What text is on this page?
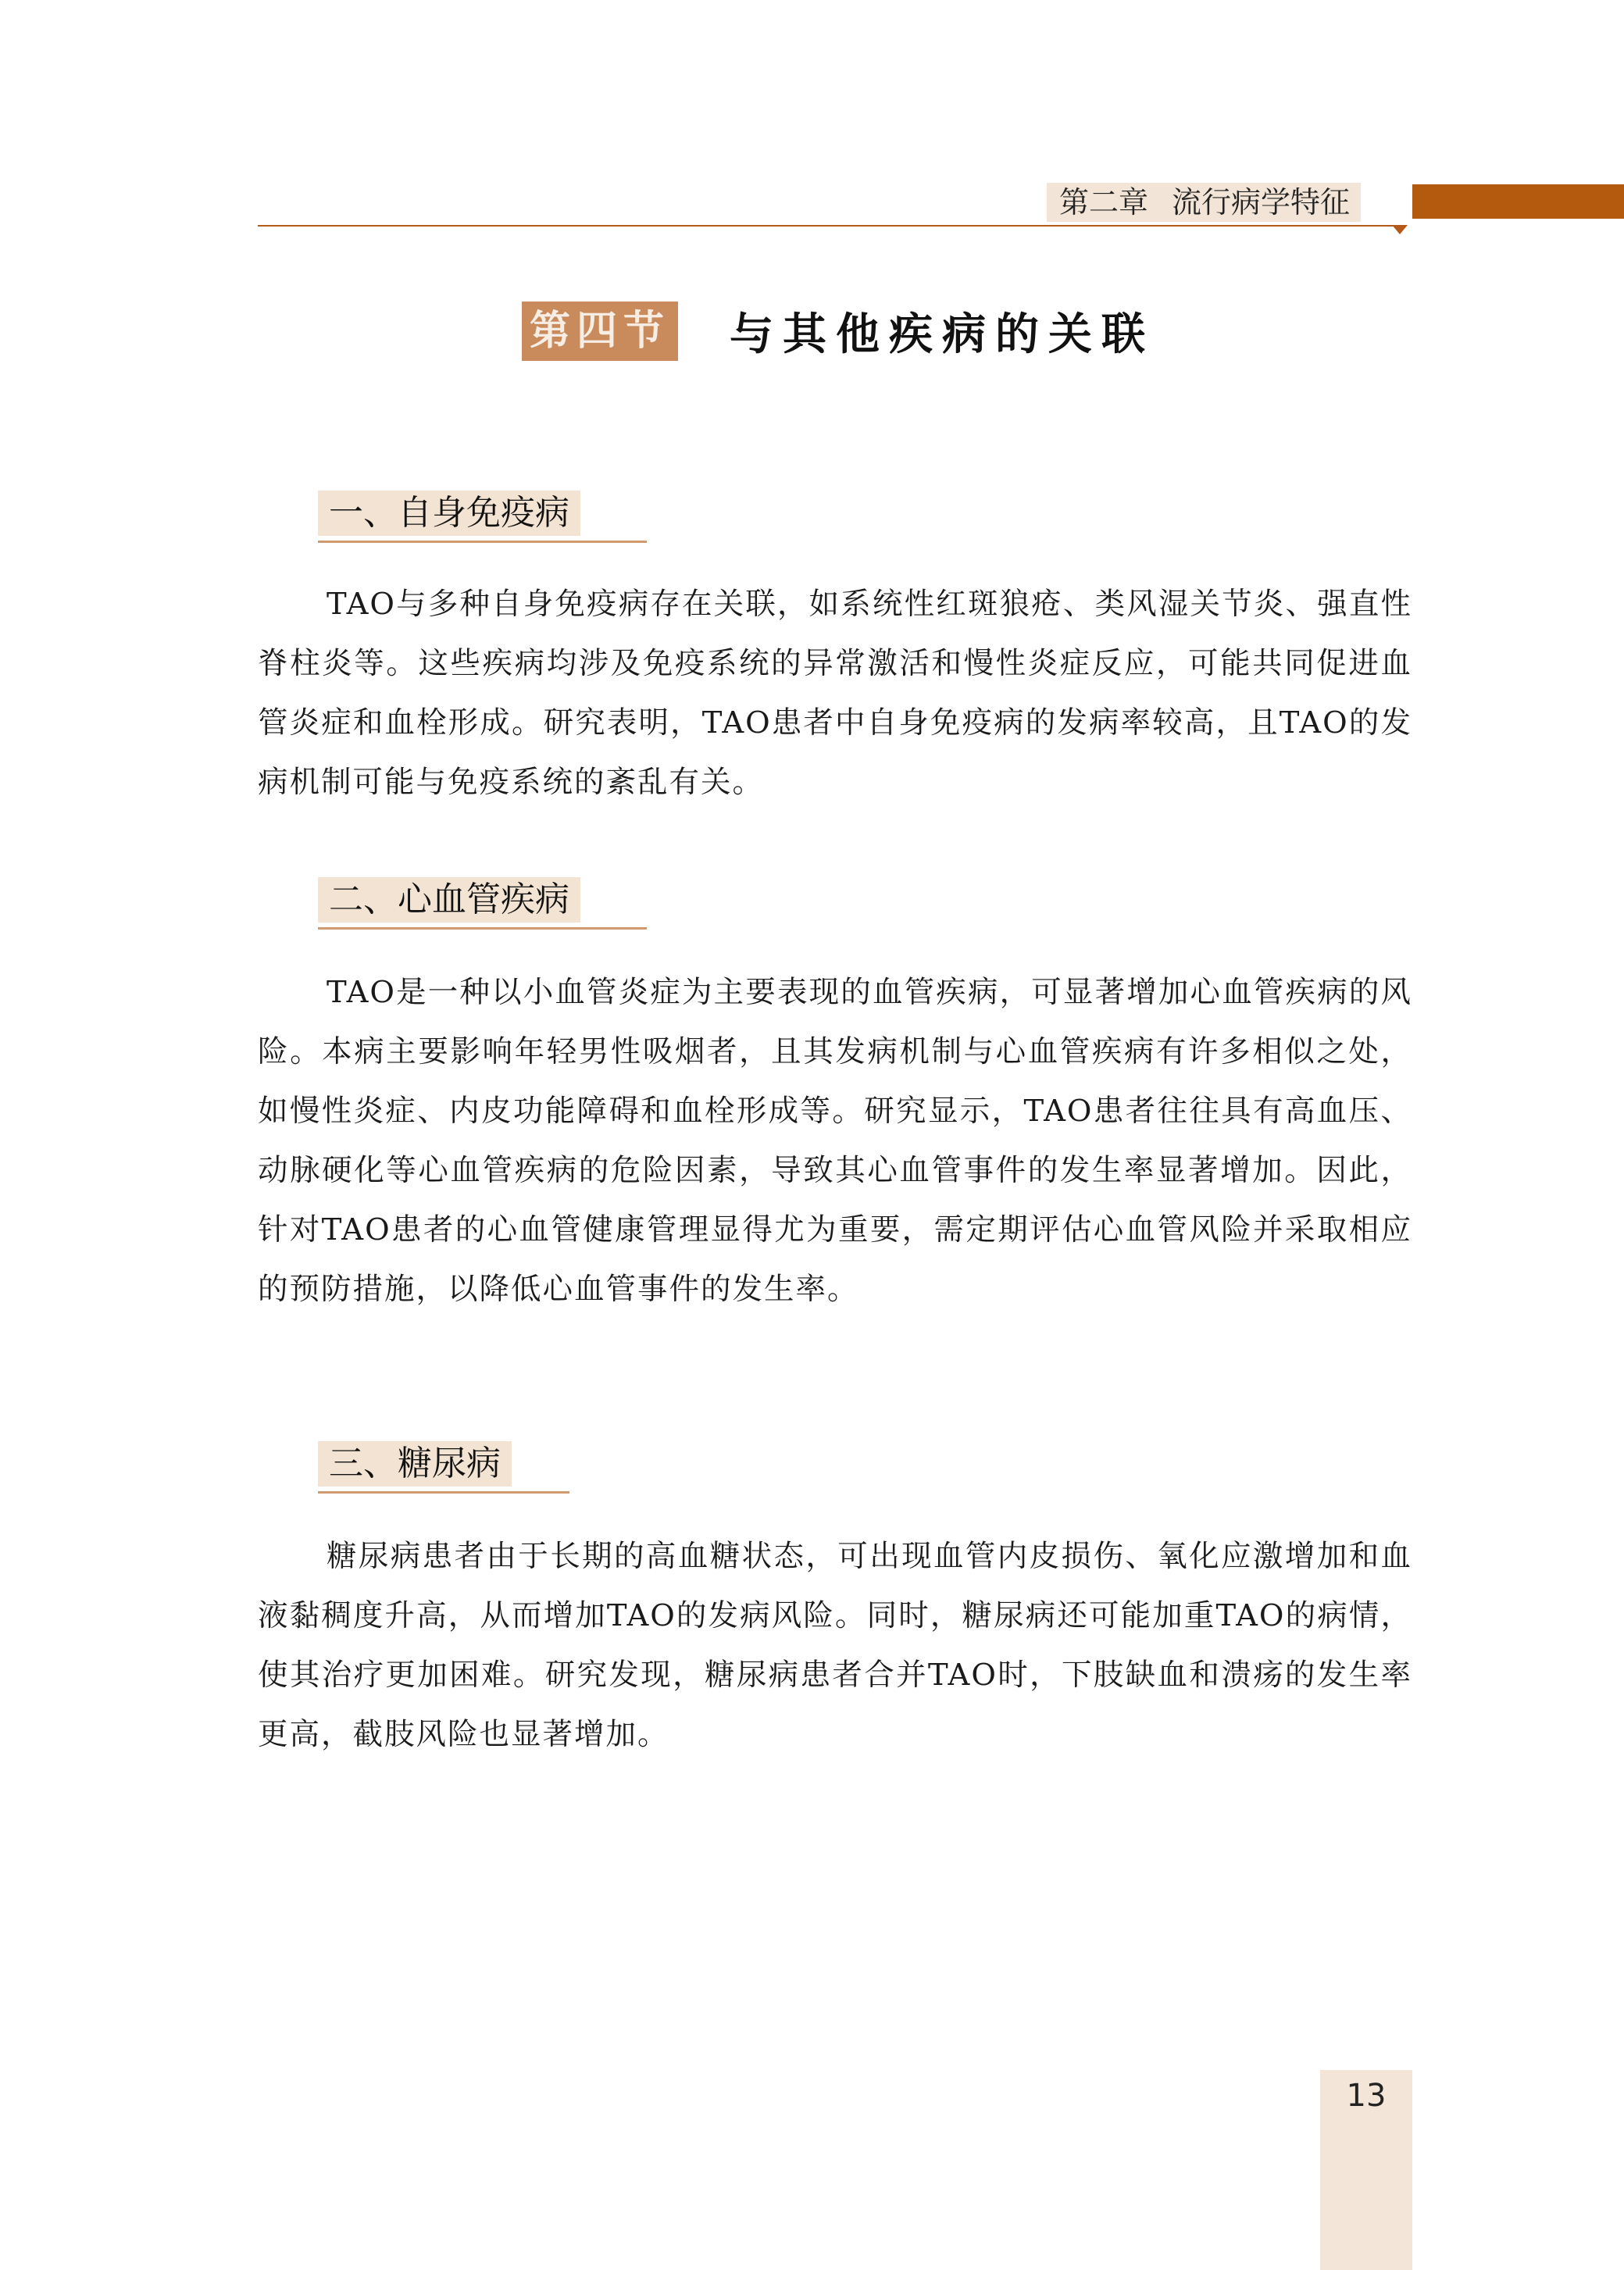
第二章 流行病学特征
第四节 与其他疾病的关联
一、自身免疫病

TAO与多种自身免疫病存在关联，如系统性红斑狼疮、类风湿关节炎、强直性脊柱炎等。这些疾病均涉及免疫系统的异常激活和慢性炎症反应，可能共同促进血管炎症和血栓形成。研究表明，TAO患者中自身免疫病的发病率较高，且TAO的发病机制可能与免疫系统的紊乱有关。

二、心血管疾病

TAO是一种以小血管炎症为主要表现的血管疾病，可显著增加心血管疾病的风险。本病主要影响年轻男性吸烟者，且其发病机制与心血管疾病有许多相似之处，如慢性炎症、内皮功能障碍和血栓形成等。研究显示，TAO患者往往具有高血压、动脉硬化等心血管疾病的危险因素，导致其心血管事件的发生率显著增加。因此，针对TAO患者的心血管健康管理显得尤为重要，需定期评估心血管风险并采取相应的预防措施，以降低心血管事件的发生率。

三、糖尿病

糖尿病患者由于长期的高血糖状态，可出现血管内皮损伤、氧化应激增加和血液黏稠度升高，从而增加TAO的发病风险。同时，糖尿病还可能加重TAO的病情，使其治疗更加困难。研究发现，糖尿病患者合并TAO时，下肢缺血和溃疡的发生率更高，截肢风险也显著增加。

13
